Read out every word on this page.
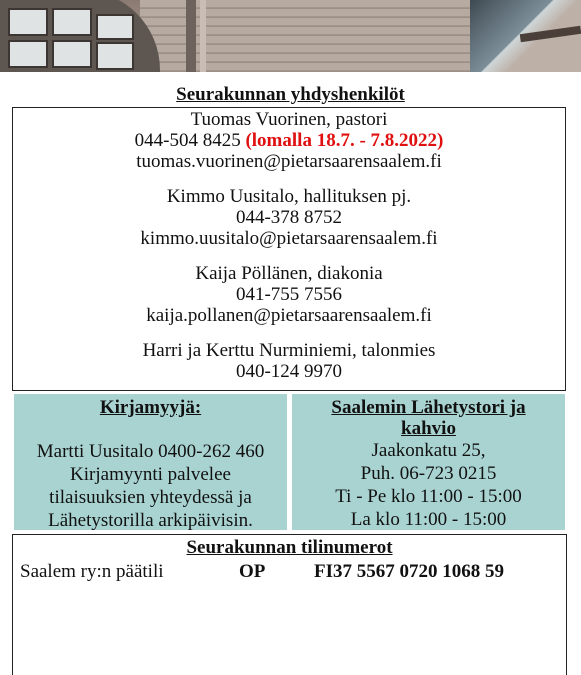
Seurakunnan yhdyshenkilöt
Tuomas Vuorinen, pastori
044-504 8425 (lomalla 18.7. - 7.8.2022)
tuomas.vuorinen@pietarsaarensaalem.fi
Kimmo Uusitalo, hallituksen pj.
044-378 8752
kimmo.uusitalo@pietarsaarensaalem.fi
Kaija Pöllänen, diakonia
041-755 7556
kaija.pollanen@pietarsaarensaalem.fi
Harri ja Kerttu Nurminiemi, talonmies
040-124 9970
Kirjamyyjä:
Martti Uusitalo 0400-262 460
Kirjamyynti palvelee
tilaisuuksien yhteydessä ja
Lähetystorilla arkipäivisin.
Saalemin Lähetystori ja
kahvio
Jaakonkatu 25,
Puh. 06-723 0215
Ti - Pe klo 11:00 - 15:00
La klo 11:00 - 15:00
Seurakunnan tilinumerot
Saalem ry:n päätili	OP	FI37 5567 0720 1068 59
